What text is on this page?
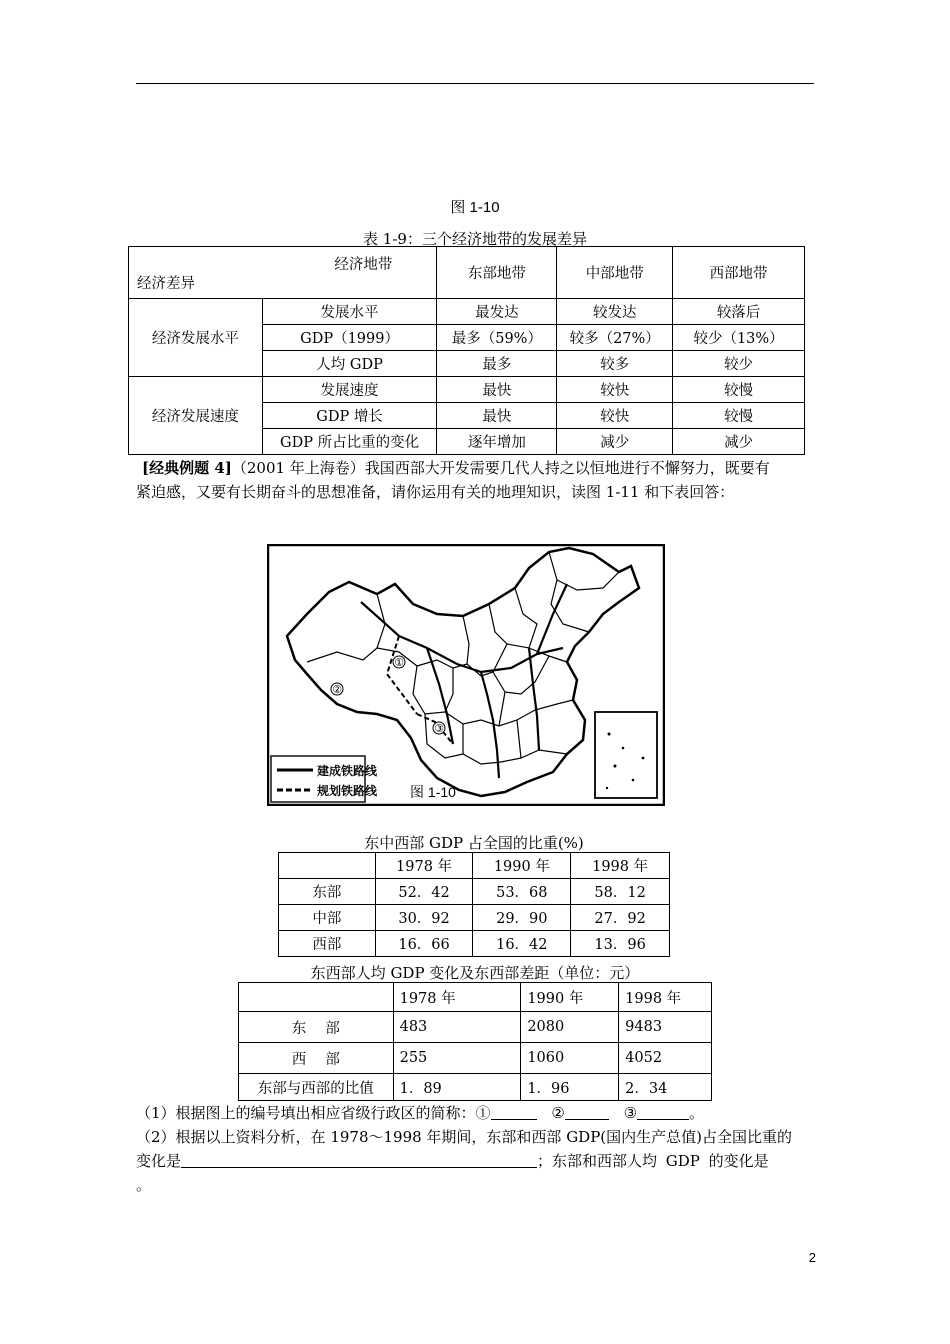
图 1-10
表 1-9：三个经济地带的发展差异
经济地带
经济差异		东部地带	中部地带	西部地带
经济发展水平	发展水平	最发达	较发达	较落后
	GDP（1999）	最多（59%）	较多（27%）	较少（13%）
	人均 GDP	最多	较多	较少
经济发展速度	发展速度	最快	较快	较慢
	GDP 增长	最快	较快	较慢
	GDP 所占比重的变化	逐年增加	减少	减少
[经典例题 4]（2001 年上海卷）我国西部大开发需要几代人持之以恒地进行不懈努力，既要有
紧迫感，又要有长期奋斗的思想准备，请你运用有关的地理知识，读图 1-11 和下表回答：
①
②
③
建成铁路线
规划铁路线 图 1-10
东中西部 GDP 占全国的比重(%)
	1978 年	1990 年	1998 年
东部	52．42	53．68	58．12
中部	30．92	29．90	27．92
西部	16．66	16．42	13．96
东西部人均 GDP 变化及东西部差距（单位：元）
	1978 年	1990 年	1998 年
东　 部	483	2080	9483
西　 部	255	1060	4052
东部与西部的比值	1．89	1．96	2．34
（1）根据图上的编号填出相应省级行政区的简称：①	②	③	。
（2）根据以上资料分析，在 1978～1998 年期间，东部和西部 GDP(国内生产总值)占全国比重的
变化是	；东部和西部人均 GDP 的变化是
。
2
